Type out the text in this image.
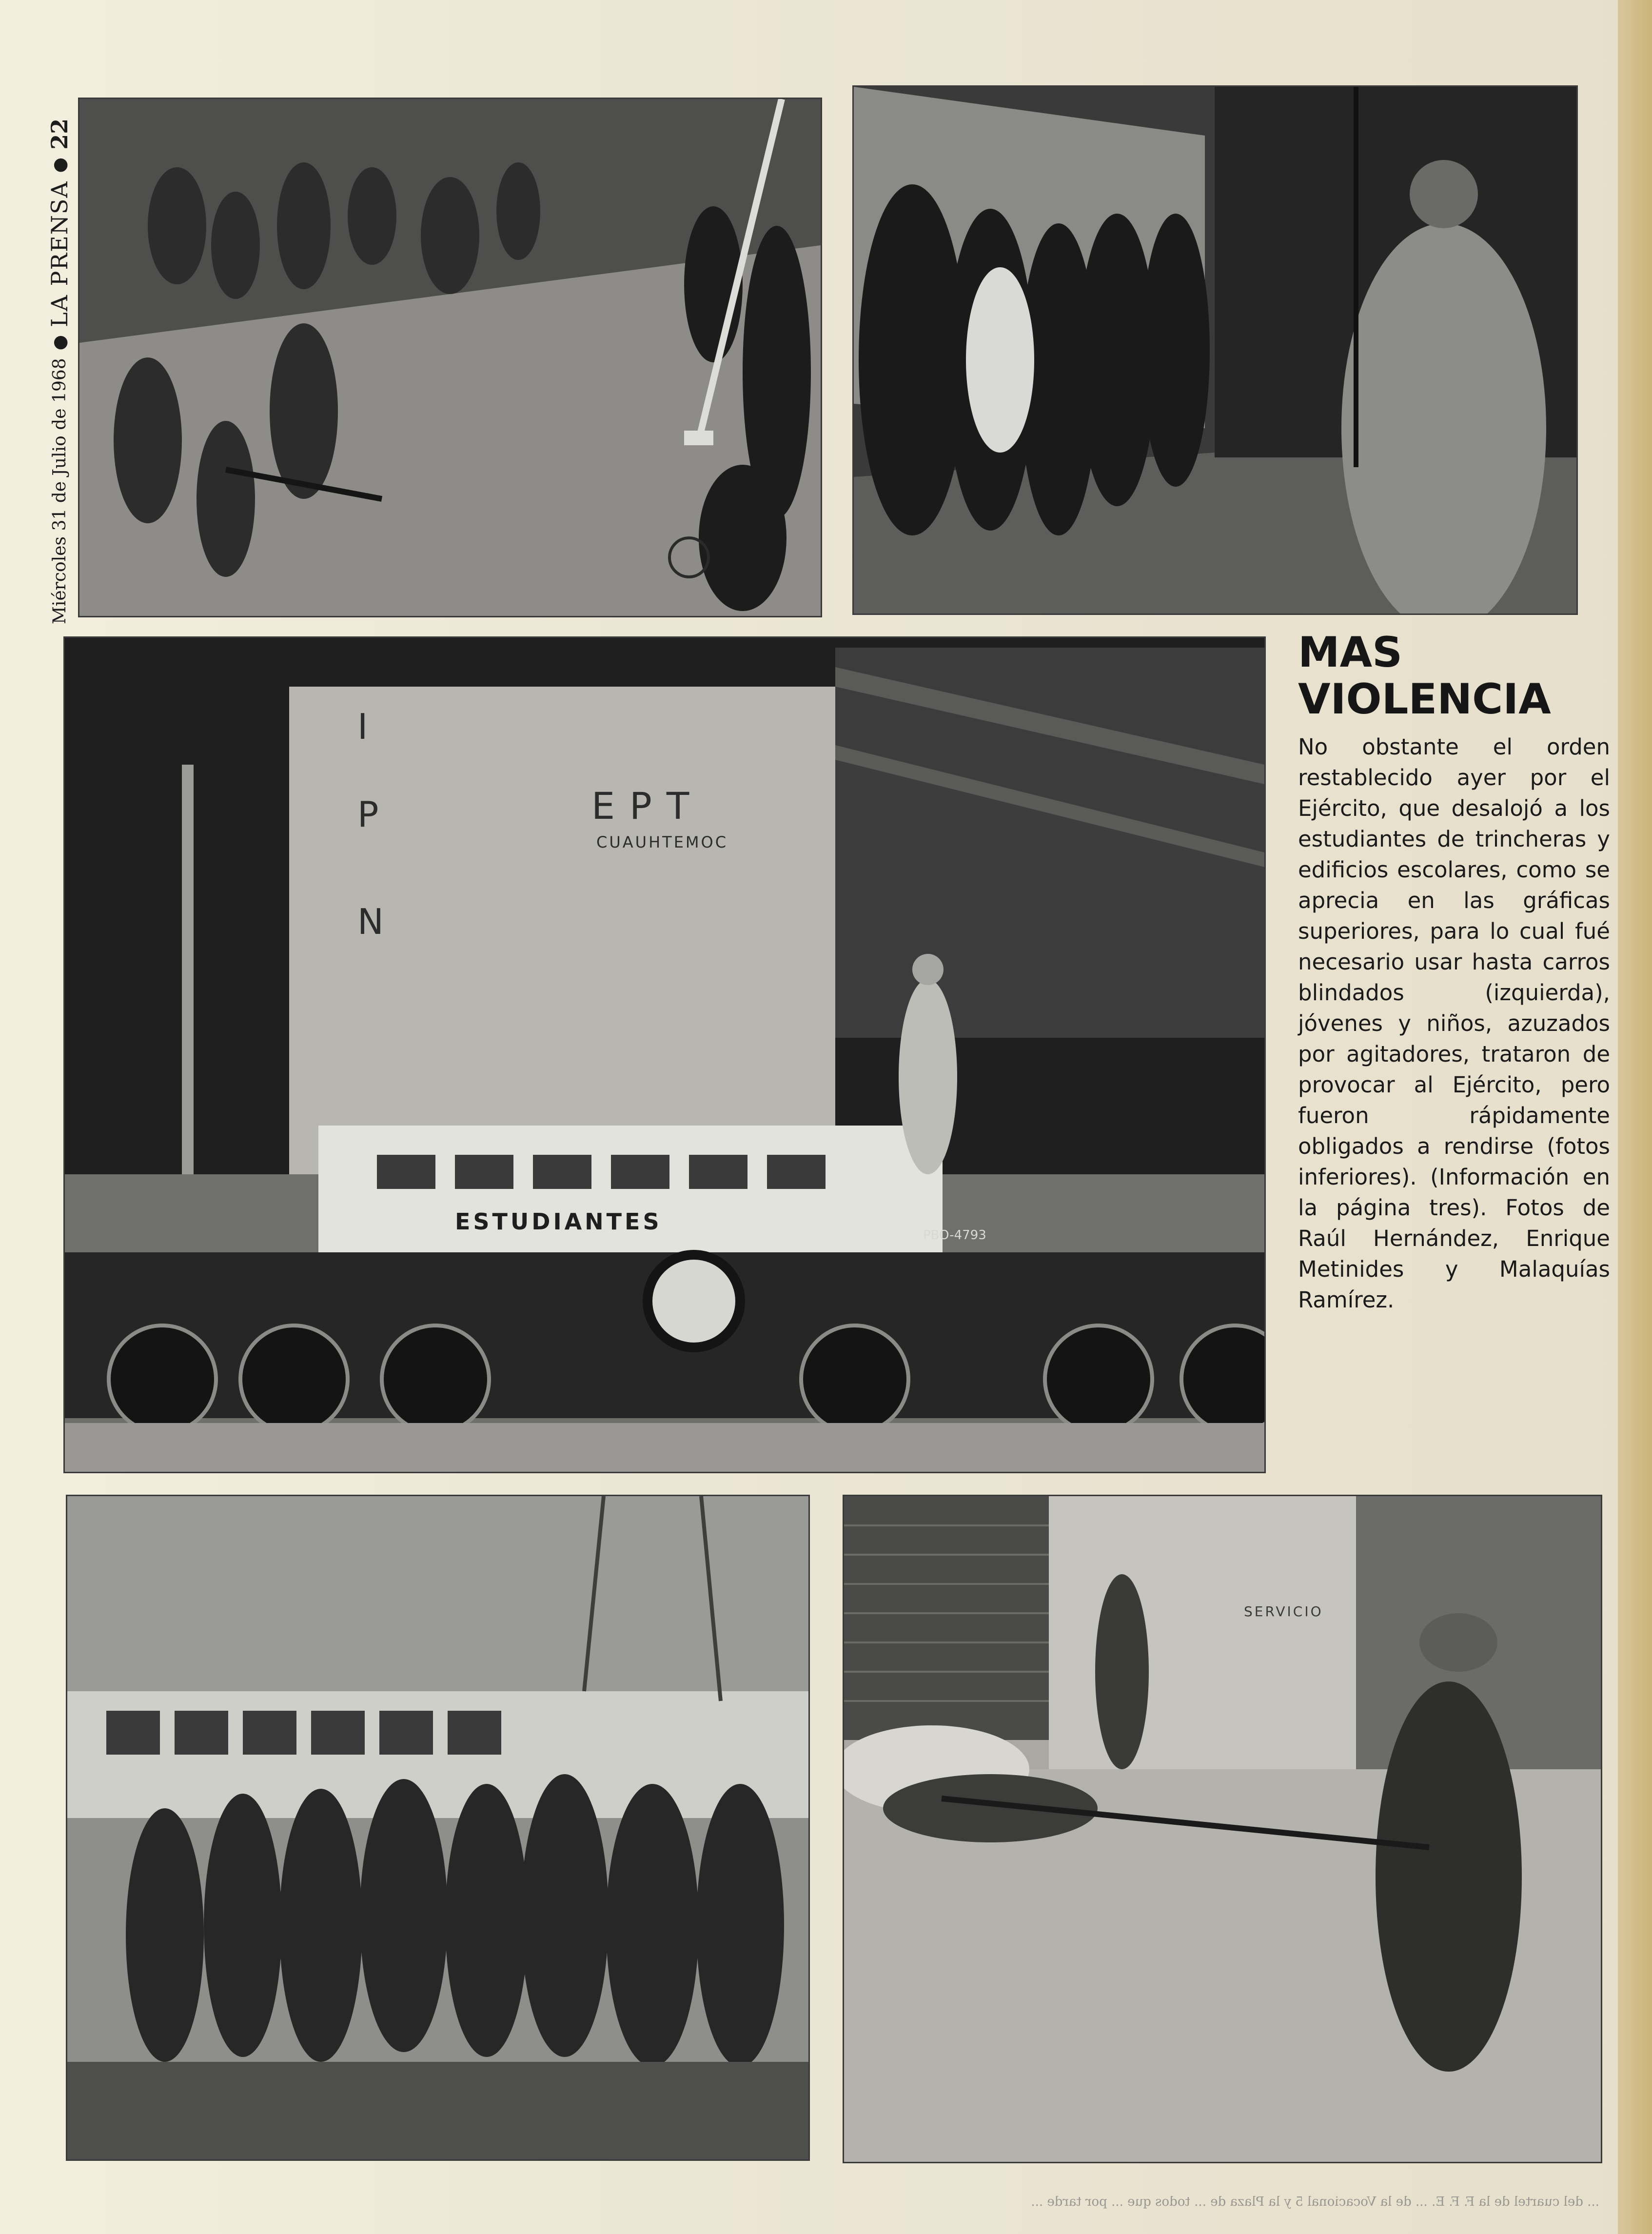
Miércoles 31 de Julio de 1968
●
LA PRENSA
●
22
I
P
N
EPT
CUAUHTEMOC
ESTUDIANTES
PBO-4793
MAS
VIOLENCIA

No obstante el orden restablecido ayer por el Ejército, que desalojó a los estudiantes de trincheras y edificios escolares, como se aprecia en las gráficas superiores, para lo cual fué necesario usar hasta carros blindados (izquierda), jóvenes y niños, azuzados por agitadores, trataron de provocar al Ejército, pero fueron rápidamente obligados a rendirse (fotos inferiores). (Información en la página tres). Fotos de Raúl Hernández, Enrique Metinides y Malaquías Ramírez.

SERVICIO
... del cuartel de la F. F. E. ... de la Vocacional 5 y la Plaza de ... todos que ... por tarde ...
